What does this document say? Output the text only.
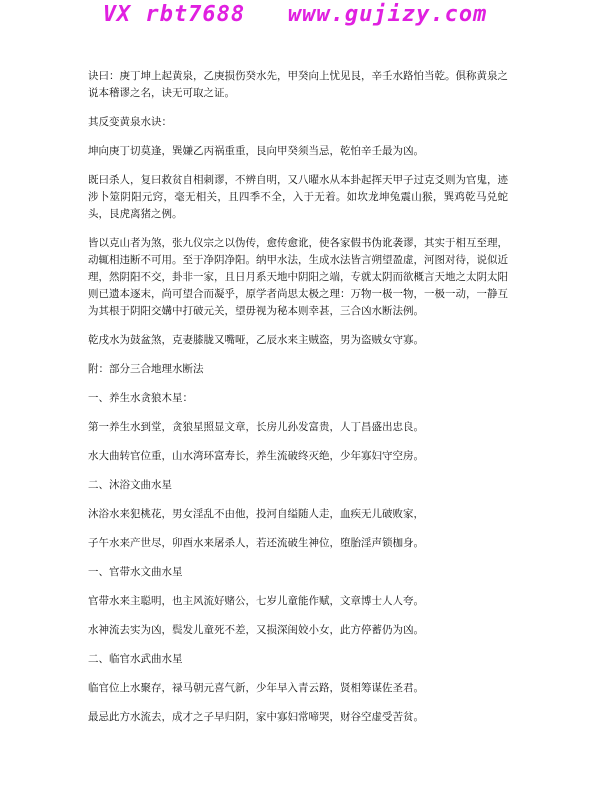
VX rbt7688   www.gujizy.com

诀曰：庚丁坤上起黄泉，乙庚损伤癸水先，甲癸向上忧见艮，辛壬水路怕当乾。俱称黄泉之说本稽谬之名，诀无可取之证。

其反变黄泉水诀：

坤向庚丁切莫逢，巽嫌乙丙祸重重，艮向甲癸须当忌，乾怕辛壬最为凶。

既曰杀人，复曰救贫自相刺谬，不辨自明，又八曜水从本卦起挥天甲子过克爻则为官鬼，迹涉卜筮阴阳元窍，毫无相关，且四季不全，入于无着。如坎龙坤兔震山猴，巽鸡乾马兑蛇头，艮虎离猪之例。

皆以克山者为煞，张九仪宗之以伪传，愈传愈讹，使各家假书伪讹袭谬，其实于相互至理，动辄相违断不可用。至于净阴净阳。纳甲水法，生成水法皆言朔望盈虚，河图对待，说似近理，然阴阳不交，卦非一家，且日月系天地中阴阳之端，专就太阴而欲概言天地之太阴太阳则已遗本逐末，尚可望合而凝乎，原学者尚思太极之理：万物一极一物，一极一动，一静互为其根于阴阳交媾中打破元关，望毋视为秘本则幸甚，三合凶水断法例。

乾戌水为鼓盆煞，克妻膝胧又嘴哑，乙辰水来主贼盗，男为盗贼女守寡。

附：部分三合地理水断法

一、养生水贪狼木星：

第一养生水到堂，贪狼星照显文章，长房儿孙发富贵，人丁昌盛出忠良。

水大曲转官位重，山水湾环富寿长，养生流破终灭绝，少年寡妇守空房。

二、沐浴文曲水星

沐浴水来犯桃花，男女淫乱不由他，投河自缢随人走，血疾无儿破败家，

子午水来产世尽，卯酉水来屠杀人，若还流破生神位，堕胎淫声锁枷身。

一、官带水文曲水星

官带水来主聪明，也主风流好赌公，七岁儿童能作赋，文章博士人人夸。

水神流去实为凶，鬓发儿童死不差，又损深闺姣小女，此方停蓄仍为凶。

二、临官水武曲水星

临官位上水聚存，禄马朝元喜气新，少年早入青云路，贤相筹谋佐圣君。

最忌此方水流去，成才之子早归阴，家中寡妇常啼哭，财谷空虚受苦贫。
